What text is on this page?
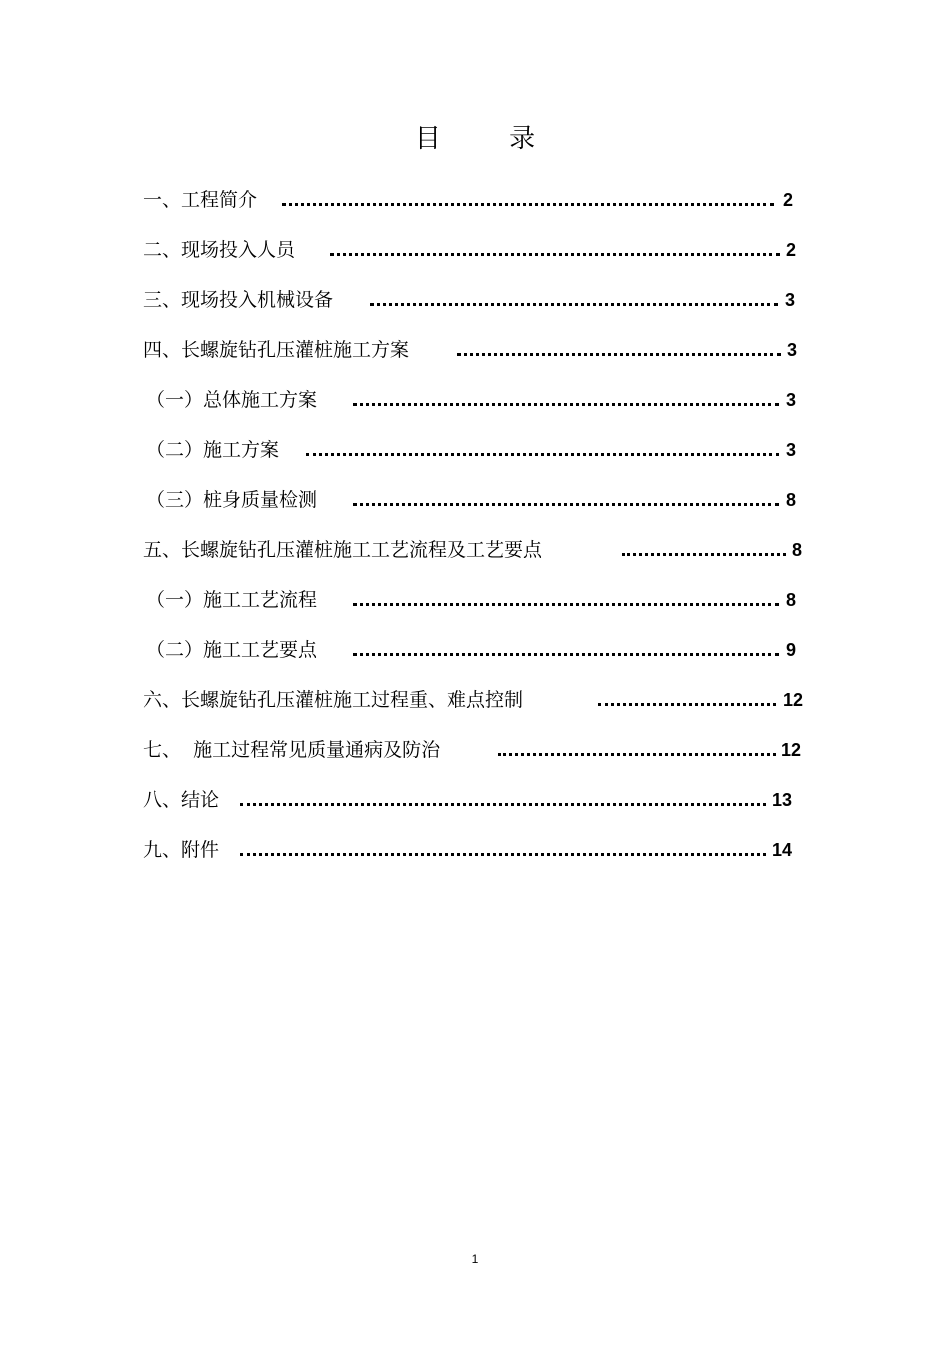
目 录
一、工程简介	2
二、现场投入人员	2
三、现场投入机械设备	3
四、长螺旋钻孔压灌桩施工方案	3
（一）总体施工方案	3
（二）施工方案	3
（三）桩身质量检测	8
五、长螺旋钻孔压灌桩施工工艺流程及工艺要点	8
（一）施工工艺流程	8
（二）施工工艺要点	9
六、长螺旋钻孔压灌桩施工过程重、难点控制	12
七、  施工过程常见质量通病及防治	12
八、结论	13
九、附件	14
1
